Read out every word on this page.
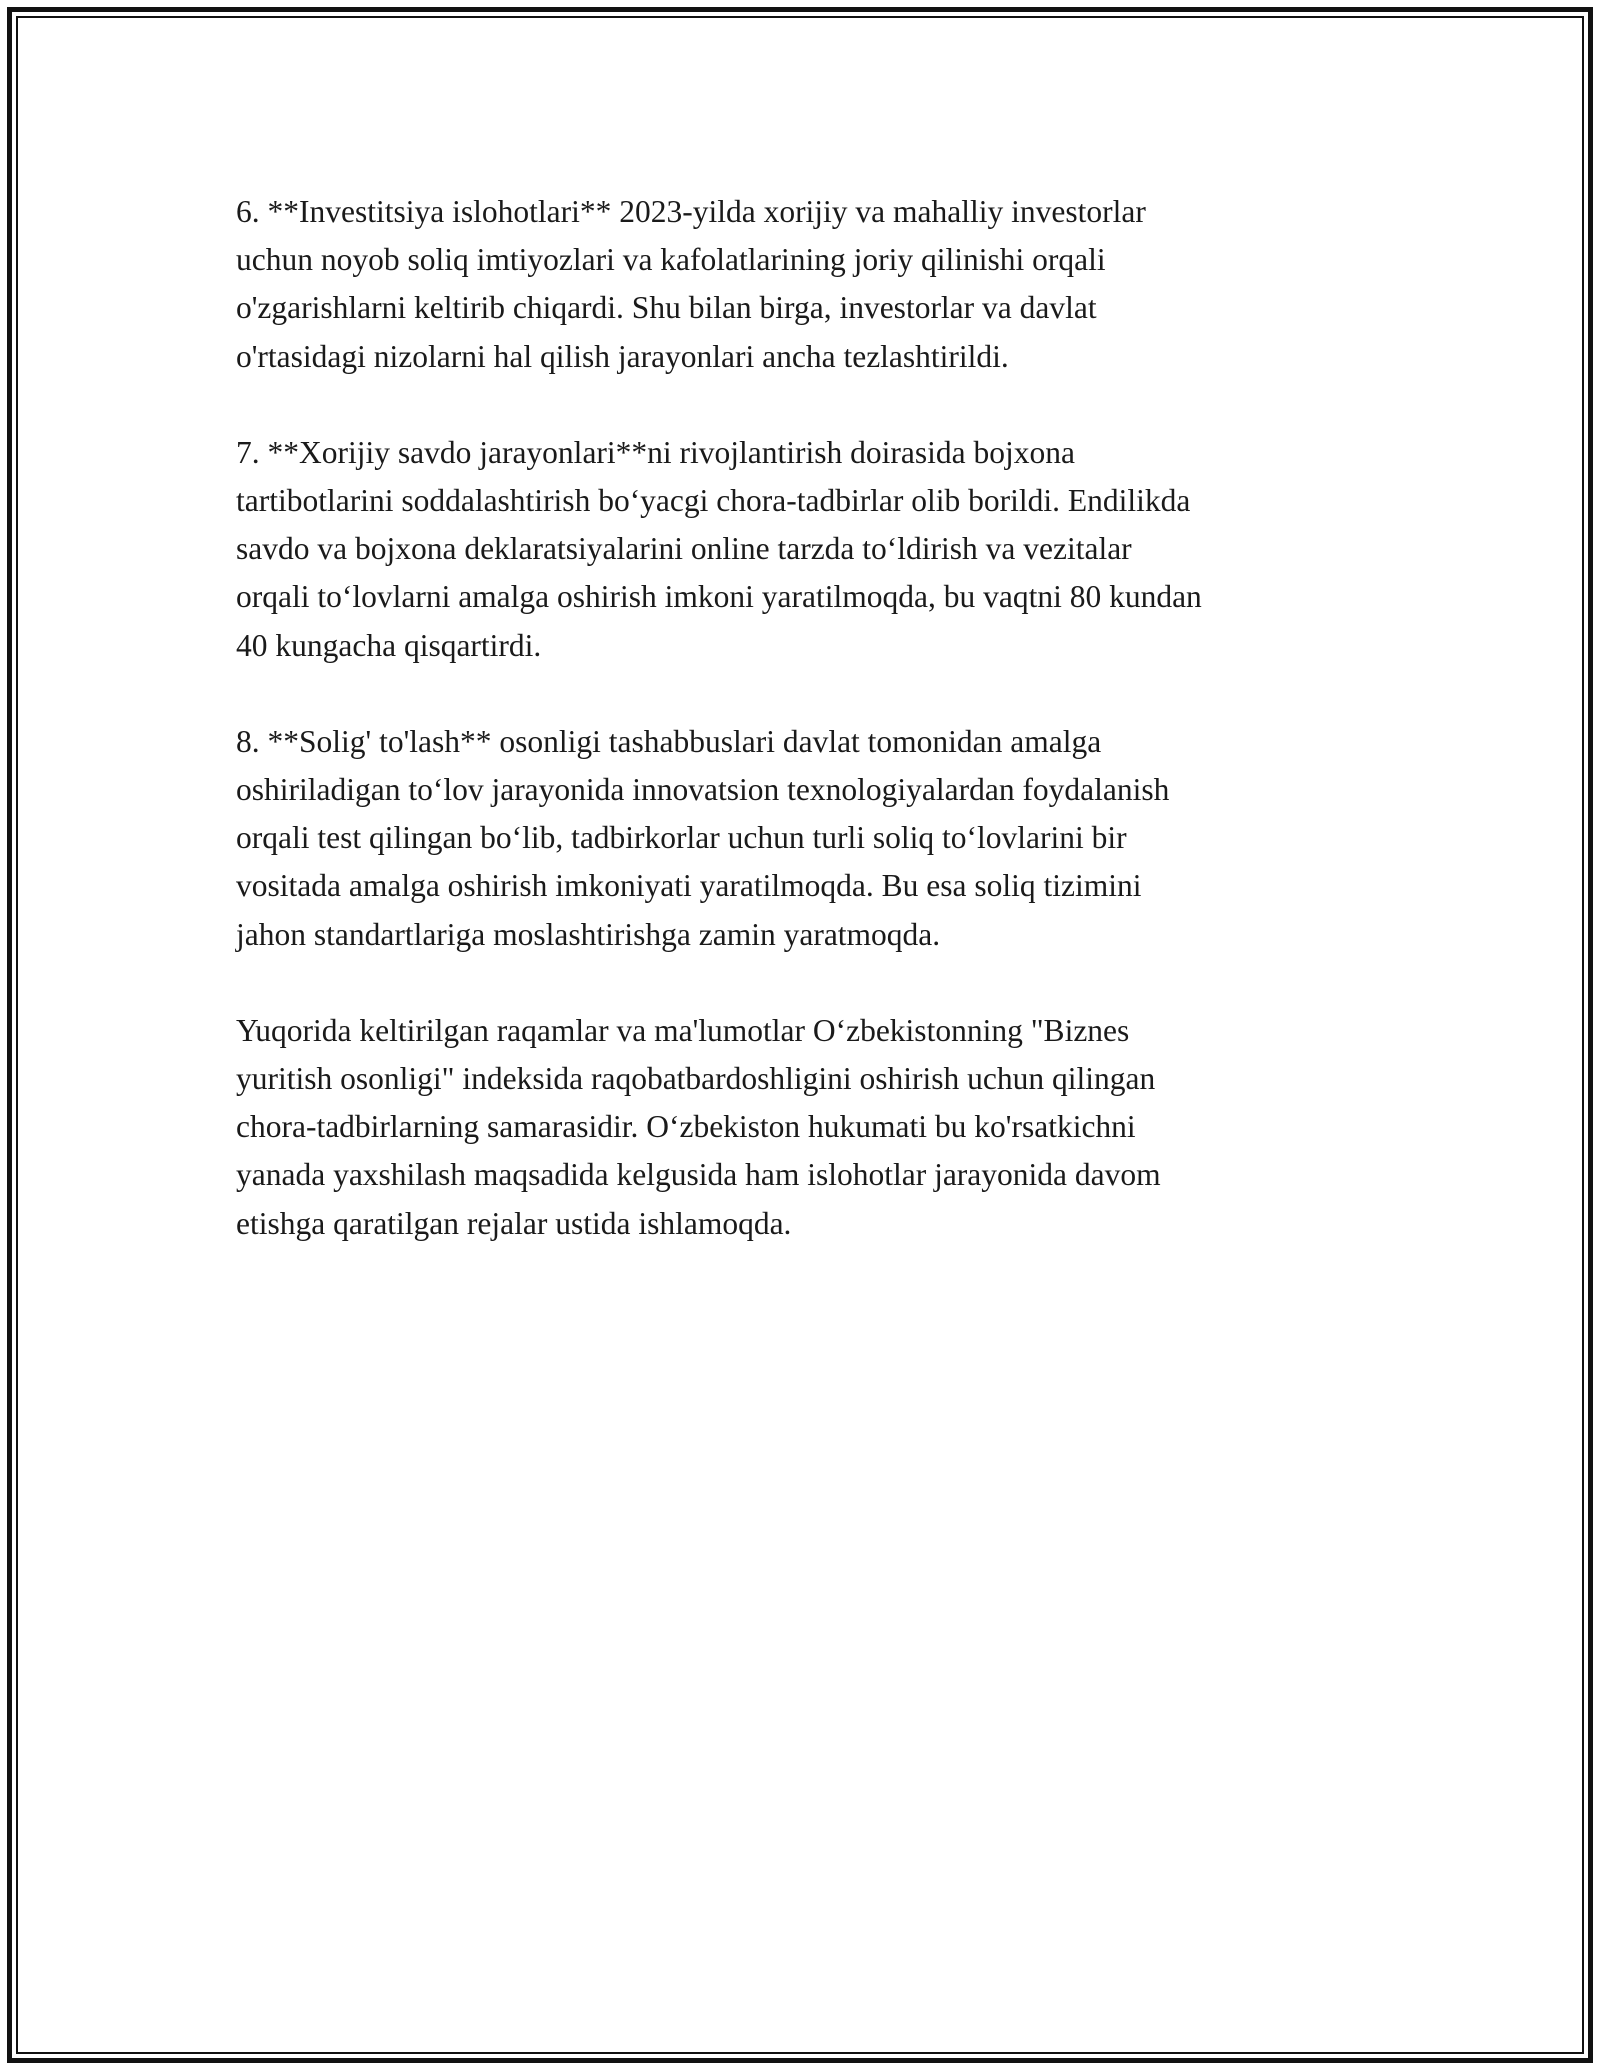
6. **Investitsiya islohotlari** 2023-yilda xorijiy va mahalliy investorlar
uchun noyob soliq imtiyozlari va kafolatlarining joriy qilinishi orqali
o'zgarishlarni keltirib chiqardi. Shu bilan birga, investorlar va davlat
o'rtasidagi nizolarni hal qilish jarayonlari ancha tezlashtirildi.

7. **Xorijiy savdo jarayonlari**ni rivojlantirish doirasida bojxona
tartibotlarini soddalashtirish bo‘yacgi chora-tadbirlar olib borildi. Endilikda
savdo va bojxona deklaratsiyalarini online tarzda to‘ldirish va vezitalar
orqali to‘lovlarni amalga oshirish imkoni yaratilmoqda, bu vaqtni 80 kundan
40 kungacha qisqartirdi.

8. **Solig' to'lash** osonligi tashabbuslari davlat tomonidan amalga
oshiriladigan to‘lov jarayonida innovatsion texnologiyalardan foydalanish
orqali test qilingan bo‘lib, tadbirkorlar uchun turli soliq to‘lovlarini bir
vositada amalga oshirish imkoniyati yaratilmoqda. Bu esa soliq tizimini
jahon standartlariga moslashtirishga zamin yaratmoqda.

Yuqorida keltirilgan raqamlar va ma'lumotlar O‘zbekistonning "Biznes
yuritish osonligi" indeksida raqobatbardoshligini oshirish uchun qilingan
chora-tadbirlarning samarasidir. O‘zbekiston hukumati bu ko'rsatkichni
yanada yaxshilash maqsadida kelgusida ham islohotlar jarayonida davom
etishga qaratilgan rejalar ustida ishlamoqda.
